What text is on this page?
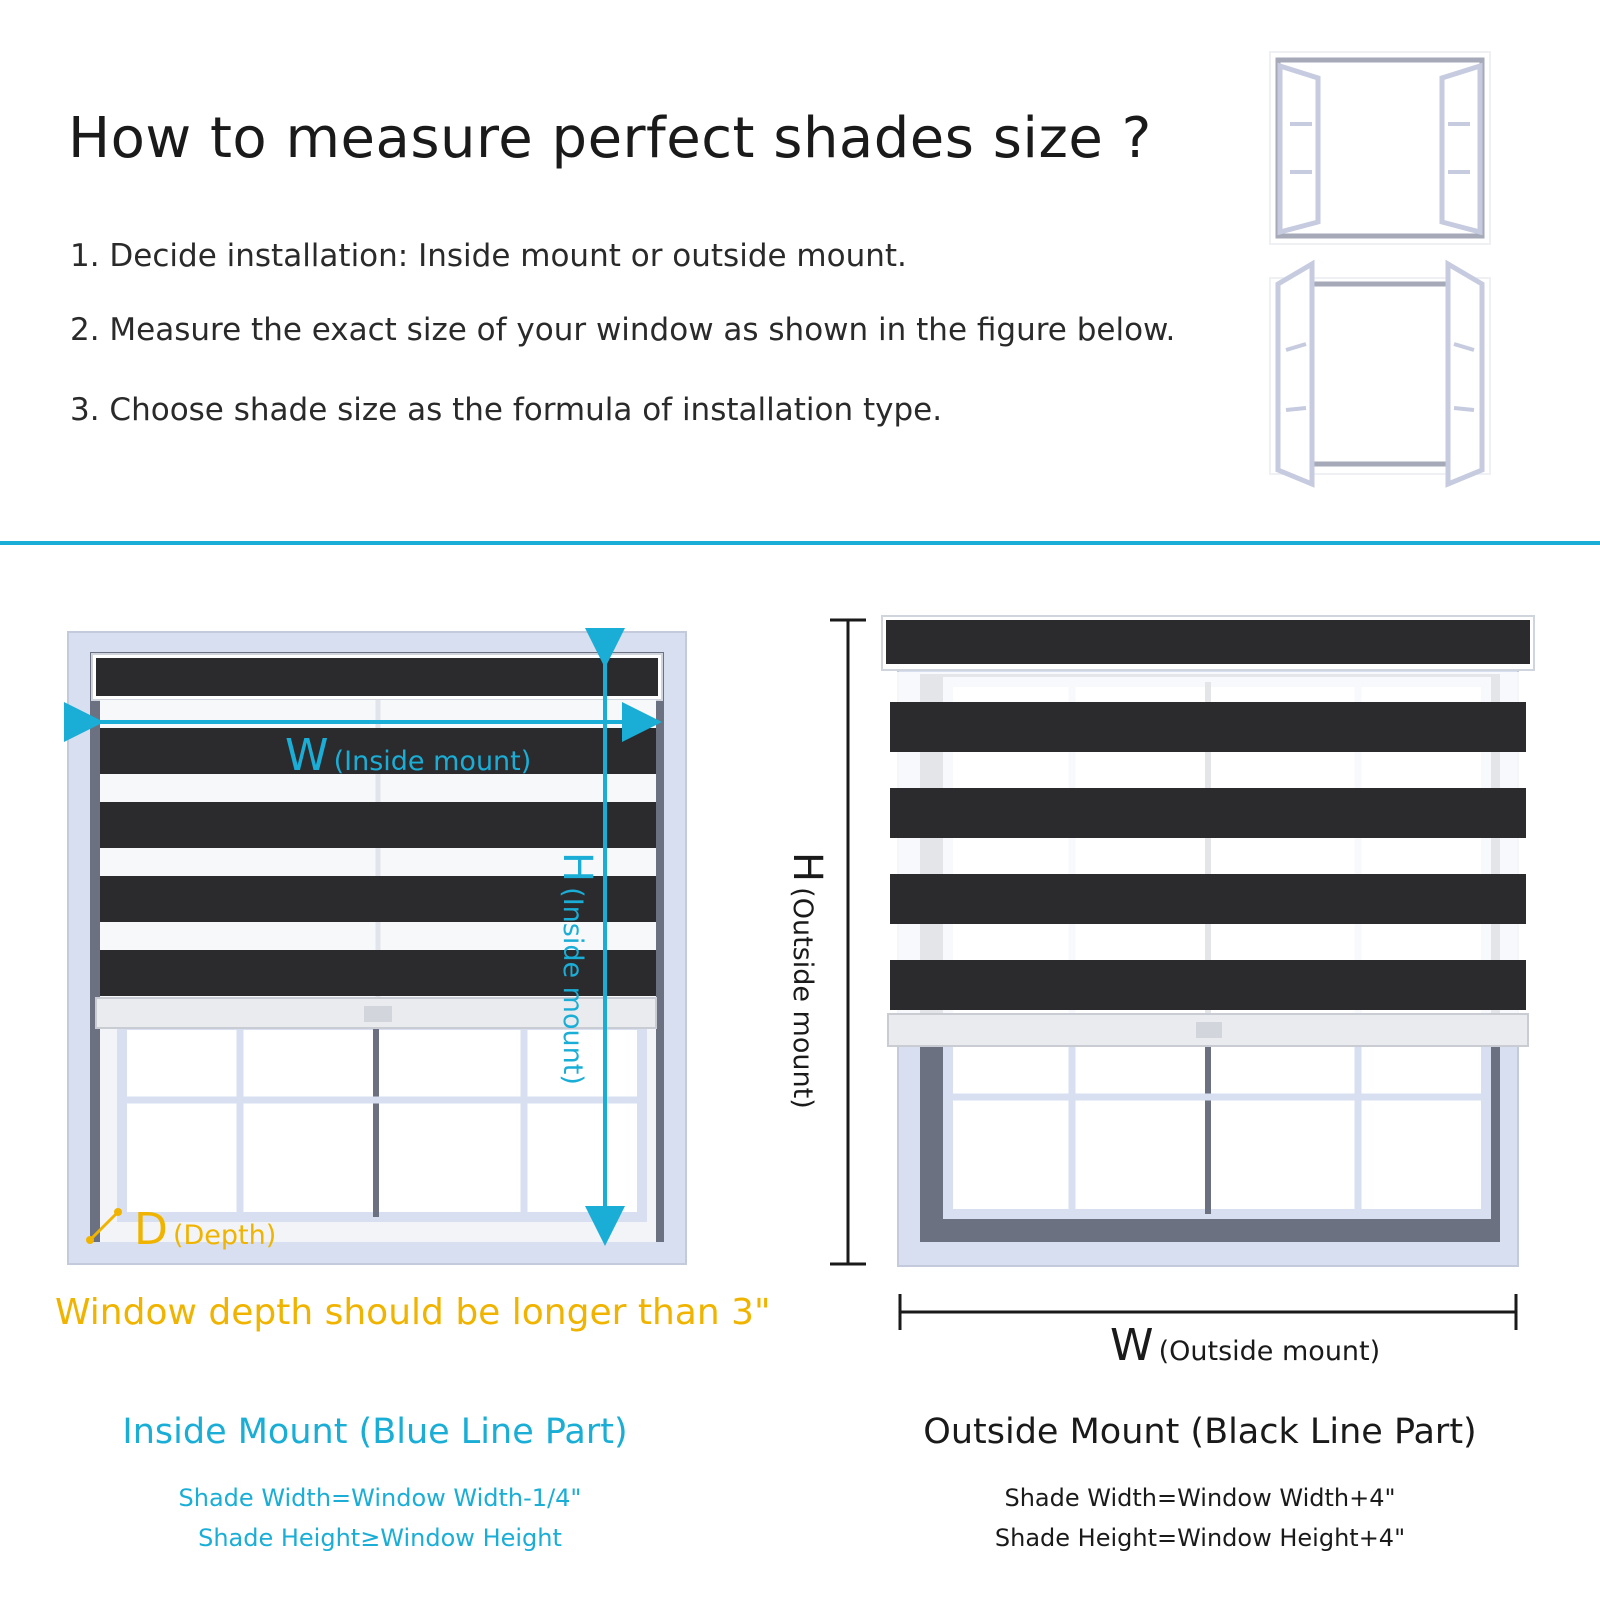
How to measure perfect shades size ?
1. Decide installation: Inside mount or outside mount.
2. Measure the exact size of your window as shown in the figure below.
3. Choose shade size as the formula of installation type.
W (Inside mount)
H (Inside mount)
D (Depth)
Window depth should be longer than 3"
H (Outside mount)
W (Outside mount)
Inside Mount (Blue Line Part)
Shade Width=Window Width-1/4"
Shade Height≥Window Height
Outside Mount (Black Line Part)
Shade Width=Window Width+4"
Shade Height=Window Height+4"
